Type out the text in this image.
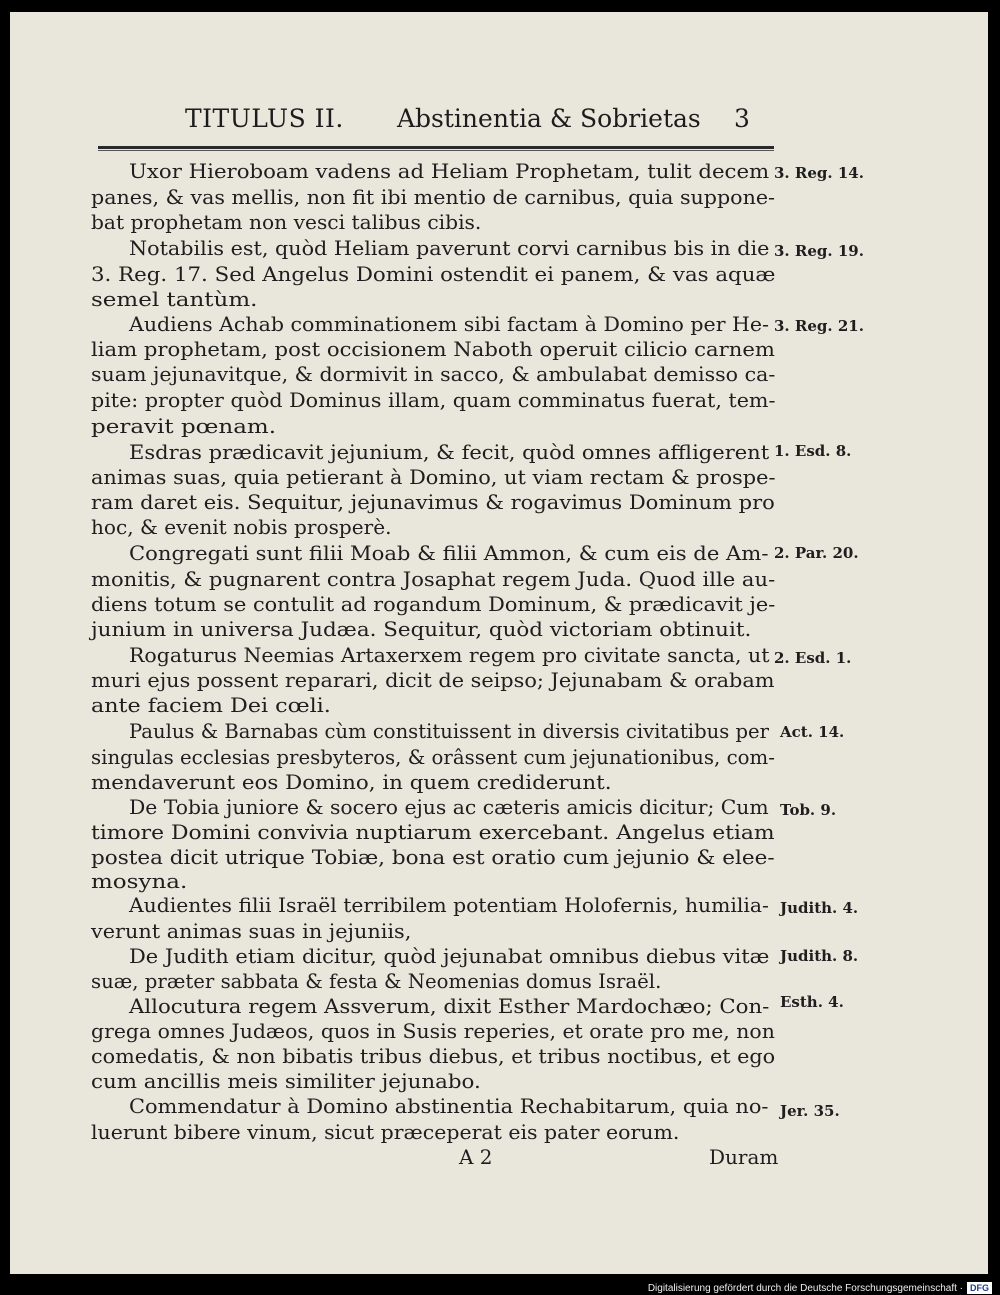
TITULUS II. Abstinentia & Sobrietas 3
Uxor Hieroboam vadens ad Heliam Prophetam, tulit decem
panes, & vas mellis, non fit ibi mentio de carnibus, quia suppone-
bat prophetam non vesci talibus cibis.
Notabilis est, quòd Heliam paverunt corvi carnibus bis in die
3. Reg. 17. Sed Angelus Domini ostendit ei panem, & vas aquæ
semel tantùm.
Audiens Achab comminationem sibi factam à Domino per He-
liam prophetam, post occisionem Naboth operuit cilicio carnem
suam jejunavitque, & dormivit in sacco, & ambulabat demisso ca-
pite: propter quòd Dominus illam, quam comminatus fuerat, tem-
peravit pœnam.
Esdras prædicavit jejunium, & fecit, quòd omnes affligerent
animas suas, quia petierant à Domino, ut viam rectam & prospe-
ram daret eis. Sequitur, jejunavimus & rogavimus Dominum pro
hoc, & evenit nobis prosperè.
Congregati sunt filii Moab & filii Ammon, & cum eis de Am-
monitis, & pugnarent contra Josaphat regem Juda. Quod ille au-
diens totum se contulit ad rogandum Dominum, & prædicavit je-
junium in universa Judæa. Sequitur, quòd victoriam obtinuit.
Rogaturus Neemias Artaxerxem regem pro civitate sancta, ut
muri ejus possent reparari, dicit de seipso; Jejunabam & orabam
ante faciem Dei cœli.
Paulus & Barnabas cùm constituissent in diversis civitatibus per
singulas ecclesias presbyteros, & orâssent cum jejunationibus, com-
mendaverunt eos Domino, in quem crediderunt.
De Tobia juniore & socero ejus ac cæteris amicis dicitur; Cum
timore Domini convivia nuptiarum exercebant. Angelus etiam
postea dicit utrique Tobiæ, bona est oratio cum jejunio & elee-
mosyna.
Audientes filii Israël terribilem potentiam Holofernis, humilia-
verunt animas suas in jejuniis,
De Judith etiam dicitur, quòd jejunabat omnibus diebus vitæ
suæ, præter sabbata & festa & Neomenias domus Israël.
Allocutura regem Assverum, dixit Esther Mardochæo; Con-
grega omnes Judæos, quos in Susis reperies, et orate pro me, non
comedatis, & non bibatis tribus diebus, et tribus noctibus, et ego
cum ancillis meis similiter jejunabo.
Commendatur à Domino abstinentia Rechabitarum, quia no-
luerunt bibere vinum, sicut præceperat eis pater eorum.
3. Reg. 14.
3. Reg. 19.
3. Reg. 21.
1. Esd. 8.
2. Par. 20.
2. Esd. 1.
Act. 14.
Tob. 9.
Judith. 4.
Judith. 8.
Esth. 4.
Jer. 35.
A 2	Duram
Digitalisierung gefördert durch die Deutsche Forschungsgemeinschaft · DFG
